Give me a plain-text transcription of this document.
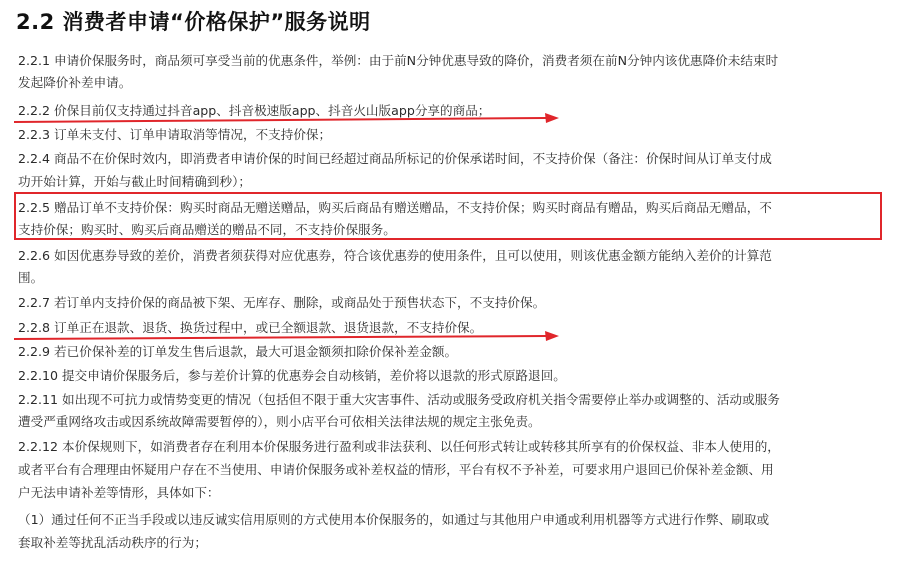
2.2 消费者申请“价格保护”服务说明
2.2.1 申请价保服务时，商品须可享受当前的优惠条件，举例：由于前N分钟优惠导致的降价，消费者须在前N分钟内该优惠降价未结束时
发起降价补差申请。
2.2.2 价保目前仅支持通过抖音app、抖音极速版app、抖音火山版app分享的商品；
2.2.3 订单未支付、订单申请取消等情况，不支持价保；
2.2.4 商品不在价保时效内，即消费者申请价保的时间已经超过商品所标记的价保承诺时间，不支持价保（备注：价保时间从订单支付成
功开始计算，开始与截止时间精确到秒）；
2.2.5 赠品订单不支持价保：购买时商品无赠送赠品，购买后商品有赠送赠品，不支持价保；购买时商品有赠品，购买后商品无赠品，不
支持价保；购买时、购买后商品赠送的赠品不同，不支持价保服务。
2.2.6 如因优惠券导致的差价，消费者须获得对应优惠券，符合该优惠券的使用条件，且可以使用，则该优惠金额方能纳入差价的计算范
围。
2.2.7 若订单内支持价保的商品被下架、无库存、删除，或商品处于预售状态下，不支持价保。
2.2.8 订单正在退款、退货、换货过程中，或已全额退款、退货退款，不支持价保。
2.2.9 若已价保补差的订单发生售后退款，最大可退金额须扣除价保补差金额。
2.2.10 提交申请价保服务后，参与差价计算的优惠券会自动核销，差价将以退款的形式原路退回。
2.2.11 如出现不可抗力或情势变更的情况（包括但不限于重大灾害事件、活动或服务受政府机关指令需要停止举办或调整的、活动或服务
遭受严重网络攻击或因系统故障需要暂停的），则小店平台可依相关法律法规的规定主张免责。
2.2.12 本价保规则下，如消费者存在利用本价保服务进行盈利或非法获利、以任何形式转让或转移其所享有的价保权益、非本人使用的，
或者平台有合理理由怀疑用户存在不当使用、申请价保服务或补差权益的情形，平台有权不予补差，可要求用户退回已价保补差金额、用
户无法申请补差等情形，具体如下：
（1）通过任何不正当手段或以违反诚实信用原则的方式使用本价保服务的，如通过与其他用户申通或利用机器等方式进行作弊、刷取或
套取补差等扰乱活动秩序的行为；
